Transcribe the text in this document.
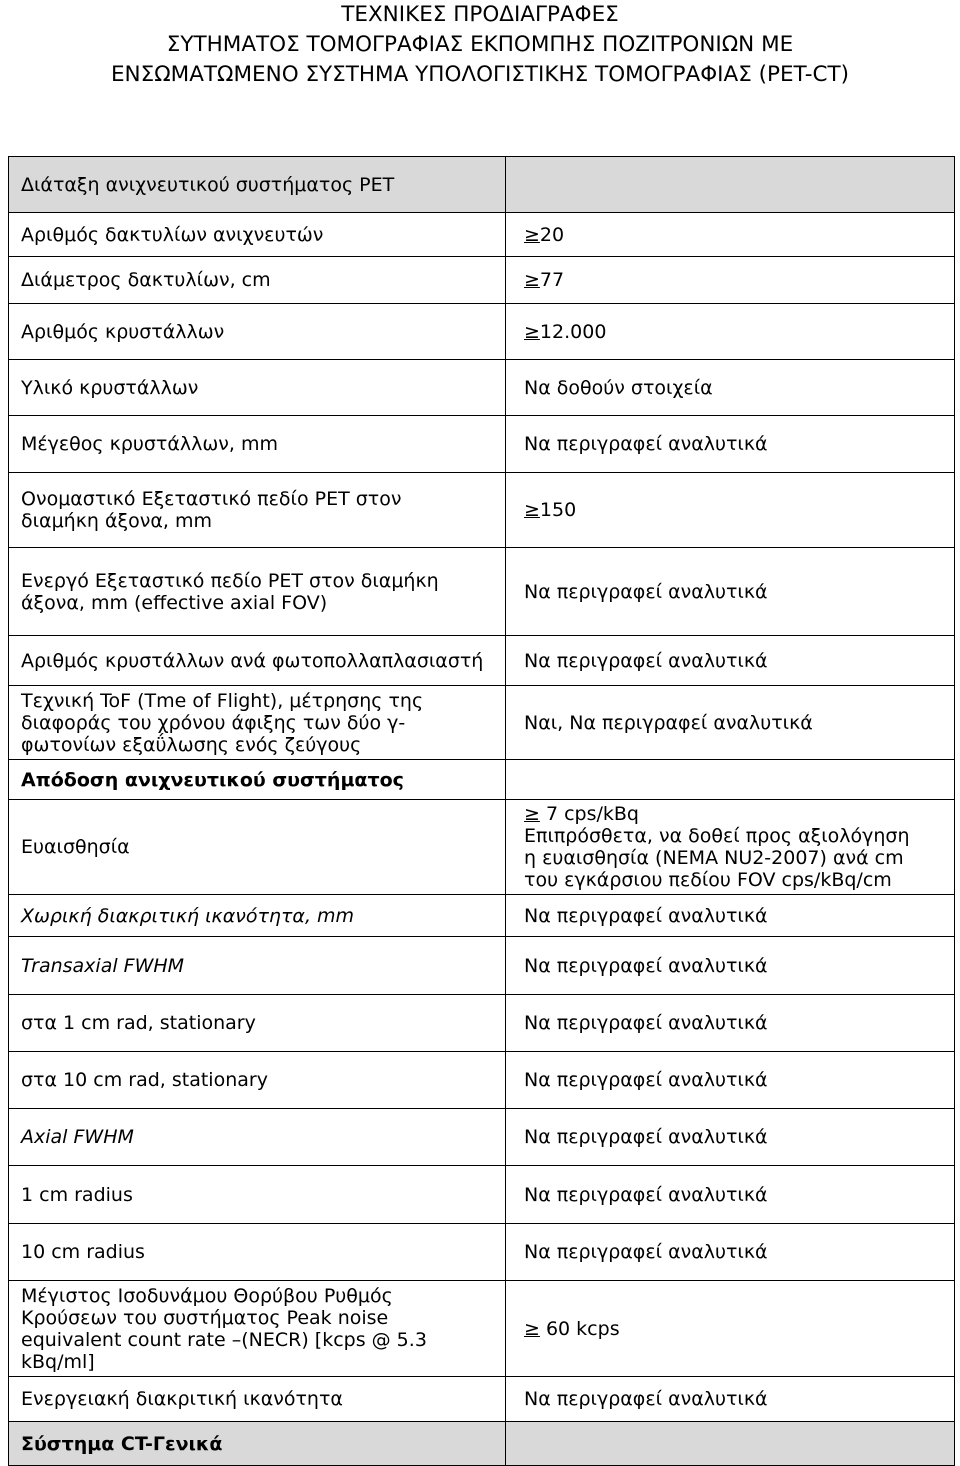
ΤΕΧΝΙΚΕΣ ΠΡΟΔΙΑΓΡΑΦΕΣ
ΣΥΤΗΜΑΤΟΣ ΤΟΜΟΓΡΑΦΙΑΣ ΕΚΠΟΜΠΗΣ ΠΟΖΙΤΡΟΝΙΩΝ ΜΕ
ΕΝΣΩΜΑΤΩΜΕΝΟ ΣΥΣΤΗΜΑ ΥΠΟΛΟΓΙΣΤΙΚΗΣ ΤΟΜΟΓΡΑΦΙΑΣ (PET-CT)
Διάταξη ανιχνευτικού συστήματος PET	
Αριθμός δακτυλίων ανιχνευτών	≥20
Διάμετρος δακτυλίων, cm	≥77
Αριθμός κρυστάλλων	≥12.000
Υλικό κρυστάλλων	Να δοθούν στοιχεία
Μέγεθος κρυστάλλων, mm	Να περιγραφεί αναλυτικά

Ονομαστικό Εξεταστικό πεδίο PET στον
διαμήκη άξονα, mm	≥150

Ενεργό Εξεταστικό πεδίο PET στον διαμήκη
άξονα, mm (effective axial FOV)	Να περιγραφεί αναλυτικά
Αριθμός κρυστάλλων ανά φωτοπολλαπλασιαστή	Να περιγραφεί αναλυτικά

Τεχνική ToF (Tme of Flight), μέτρησης της
διαφοράς του χρόνου άφιξης των δύο γ-
φωτονίων εξαΰλωσης ενός ζεύγους	Ναι, Να περιγραφεί αναλυτικά
Απόδοση ανιχνευτικού συστήματος	
Ευαισθησία	≥ 7 cps/kBq
Επιπρόσθετα, να δοθεί προς αξιολόγηση
η ευαισθησία (NEMA NU2-2007) ανά cm
του εγκάρσιου πεδίου FOV cps/kBq/cm

Χωρική διακριτική ικανότητα, mm	Να περιγραφεί αναλυτικά
Transaxial FWHM	Να περιγραφεί αναλυτικά
στα 1 cm rad, stationary	Να περιγραφεί αναλυτικά
στα 10 cm rad, stationary	Να περιγραφεί αναλυτικά
Axial FWHM	Να περιγραφεί αναλυτικά
1 cm radius	Να περιγραφεί αναλυτικά
10 cm radius	Να περιγραφεί αναλυτικά

Μέγιστος Ισοδυνάμου Θορύβου Ρυθμός
Κρούσεων του συστήματος Peak noise
equivalent count rate –(NECR) [kcps @ 5.3
kBq/ml]	≥ 60 kcps
Ενεργειακή διακριτική ικανότητα	Να περιγραφεί αναλυτικά
Σύστημα CT-Γενικά	
